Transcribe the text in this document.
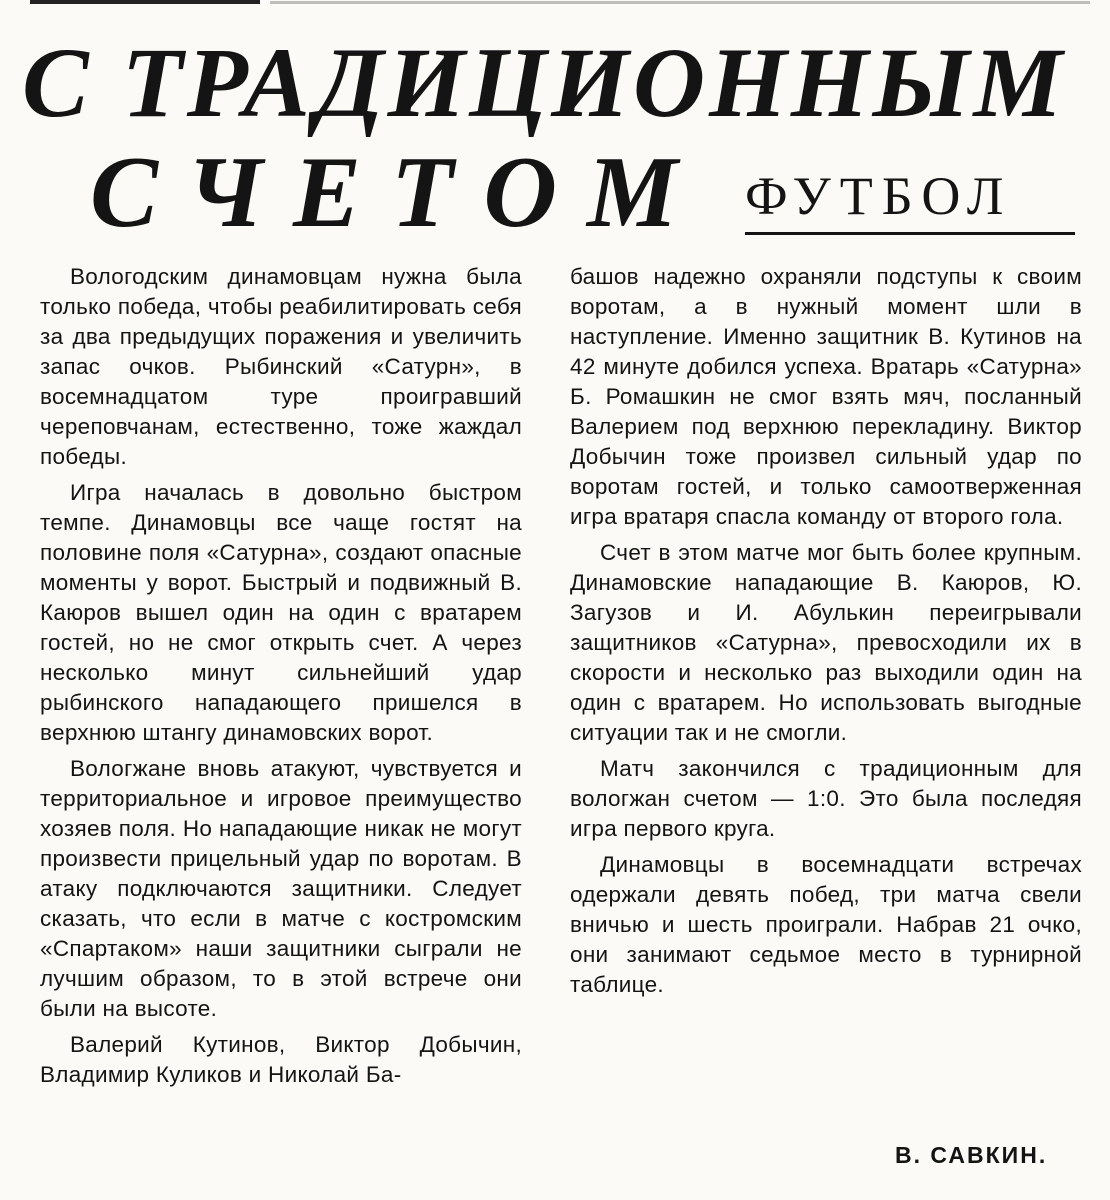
С ТРАДИЦИОННЫМ
СЧЕТОМ ФУТБОЛ

Вологодским динамовцам нужна была только победа, чтобы реабилитировать себя за два предыдущих поражения и увеличить запас очков. Рыбинский «Сатурн», в восемнадцатом туре проигравший череповчанам, естественно, тоже жаждал победы.

Игра началась в довольно быстром темпе. Динамовцы все чаще гостят на половине поля «Сатурна», создают опасные моменты у ворот. Быстрый и подвижный В. Каюров вышел один на один с вратарем гостей, но не смог открыть счет. А через несколько минут сильнейший удар рыбинского нападающего пришелся в верхнюю штангу динамовских ворот.

Вологжане вновь атакуют, чувствуется и территориальное и игровое преимущество хозяев поля. Но нападающие никак не могут произвести прицельный удар по воротам. В атаку подключаются защитники. Следует сказать, что если в матче с костромским «Спартаком» наши защитники сыграли не лучшим образом, то в этой встрече они были на высоте.

Валерий Кутинов, Виктор Добычин, Владимир Куликов и Николай Ба-

башов надежно охраняли подступы к своим воротам, а в нужный момент шли в наступление. Именно защитник В. Кутинов на 42 минуте добился успеха. Вратарь «Сатурна» Б. Ромашкин не смог взять мяч, посланный Валерием под верхнюю перекладину. Виктор Добычин тоже произвел сильный удар по воротам гостей, и только самоотверженная игра вратаря спасла команду от второго гола.

Счет в этом матче мог быть более крупным. Динамовские нападающие В. Каюров, Ю. Загузов и И. Абулькин переигрывали защитников «Сатурна», превосходили их в скорости и несколько раз выходили один на один с вратарем. Но использовать выгодные ситуации так и не смогли.

Матч закончился с традиционным для вологжан счетом — 1:0. Это была последяя игра первого круга.

Динамовцы в восемнадцати встречах одержали девять побед, три матча свели вничью и шесть проиграли. Набрав 21 очко, они занимают седьмое место в турнирной таблице.

В. САВКИН.
